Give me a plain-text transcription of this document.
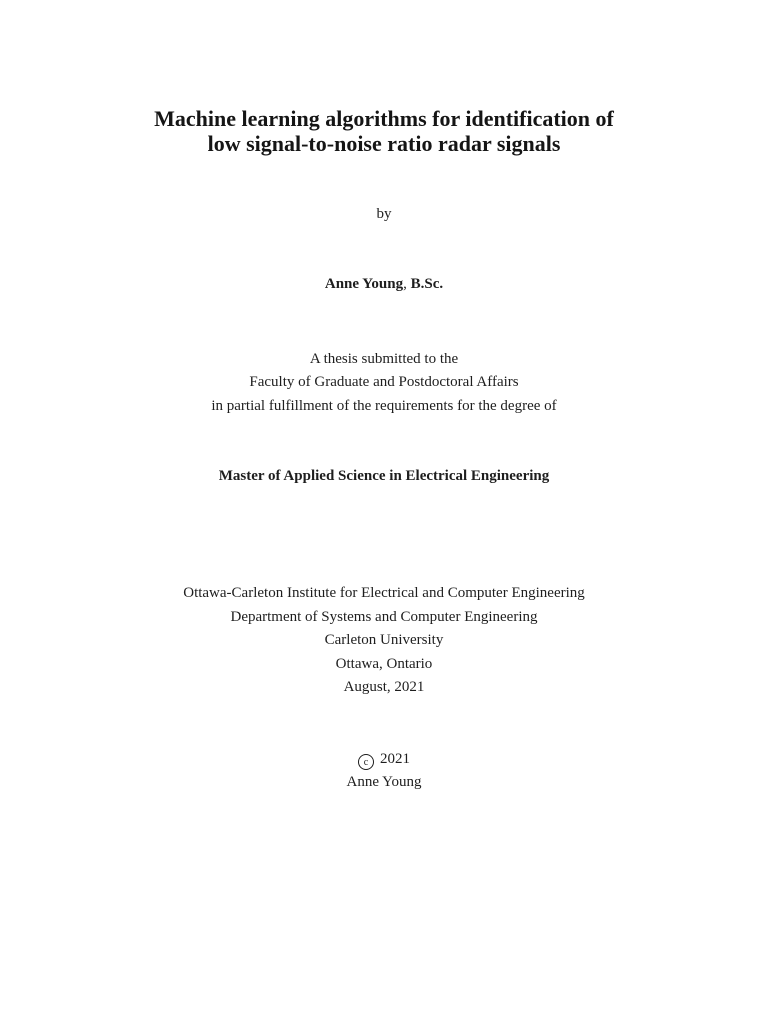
Machine learning algorithms for identification of
low signal-to-noise ratio radar signals
by
Anne Young, B.Sc.
A thesis submitted to the
Faculty of Graduate and Postdoctoral Affairs
in partial fulfillment of the requirements for the degree of
Master of Applied Science in Electrical Engineering
Ottawa-Carleton Institute for Electrical and Computer Engineering
Department of Systems and Computer Engineering
Carleton University
Ottawa, Ontario
August, 2021
c 2021
Anne Young
